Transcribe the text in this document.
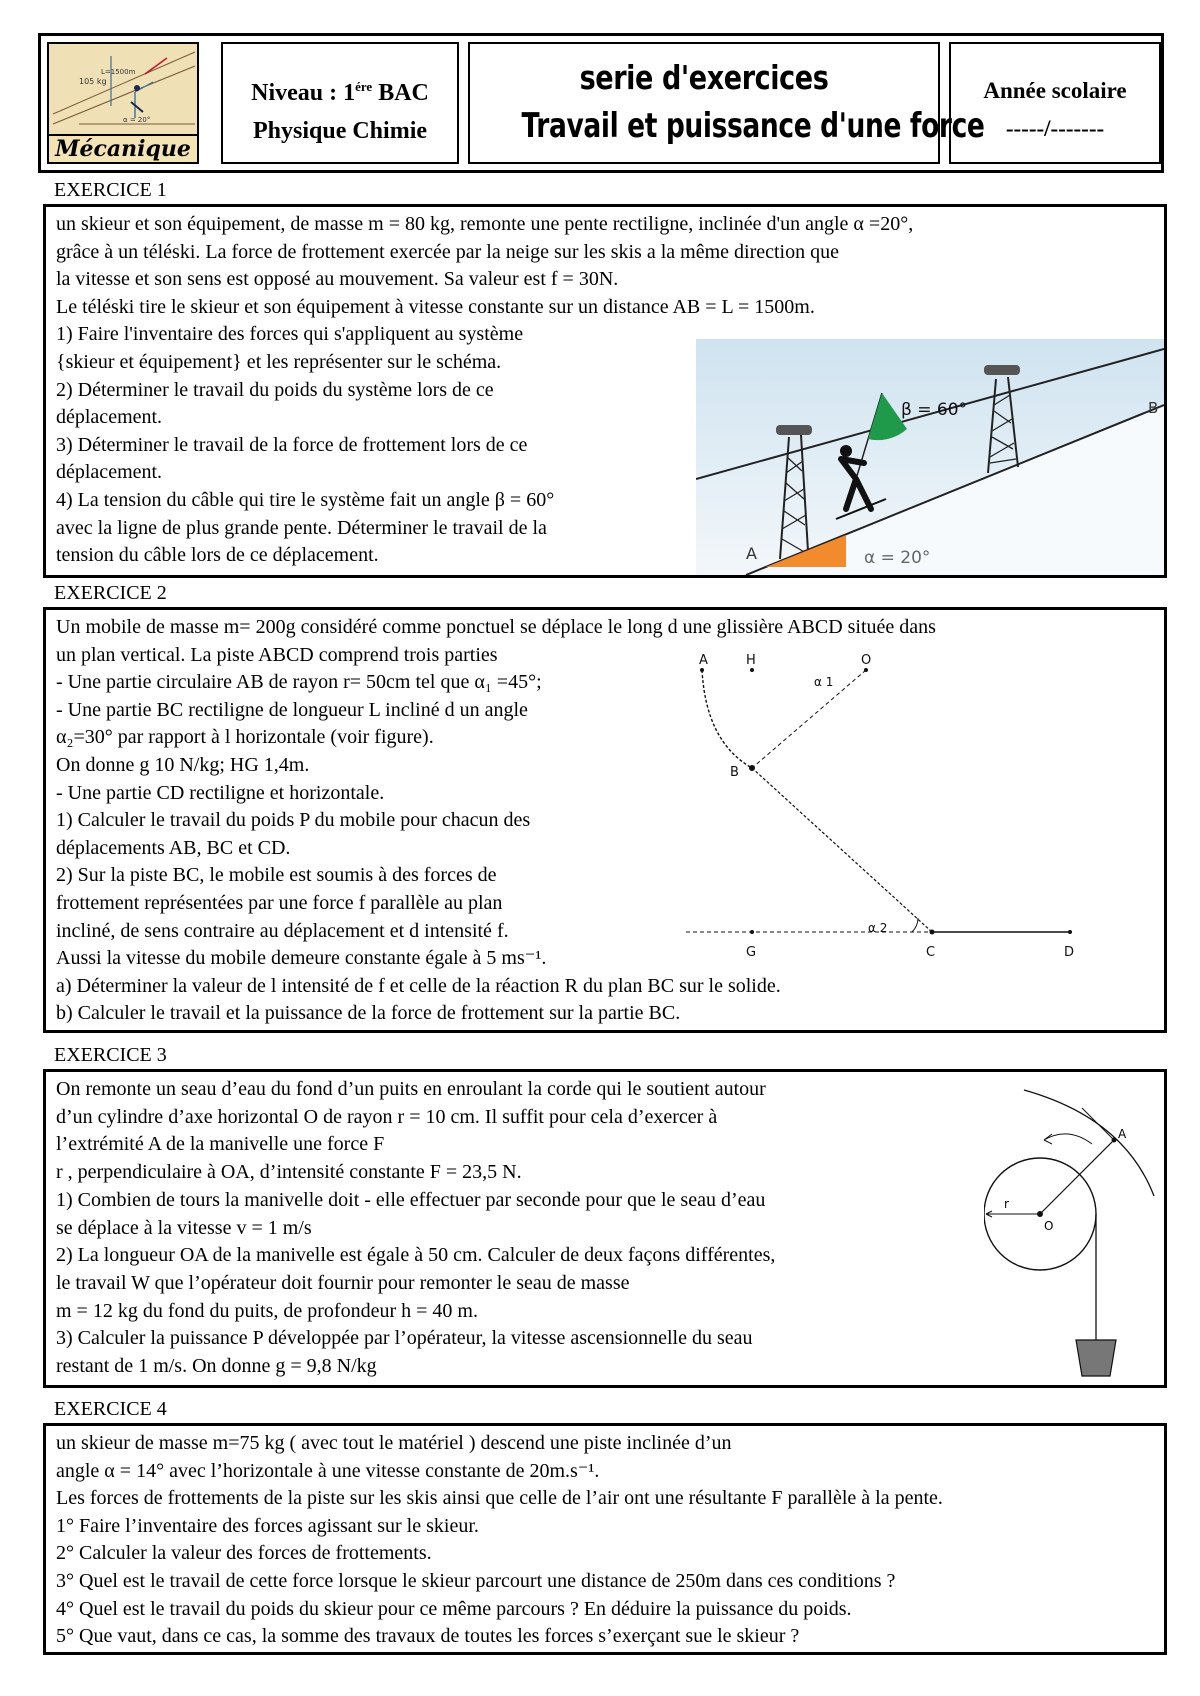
105 kg
L=1500m
α = 20°
Mécanique
Niveau : $1^{ére}$ BAC
Physique Chimie
serie d'exercices
Travail et puissance d'une force
Année scolaire
-----/-------
EXERCICE 1
un skieur et son équipement, de masse m = 80 kg, remonte une pente rectiligne, inclinée d'un angle α =20°,
grâce à un téléski. La force de frottement exercée par la neige sur les skis a la même direction que
la vitesse et son sens est opposé au mouvement. Sa valeur est f = 30N.
Le téléski tire le skieur et son équipement à vitesse constante sur un distance AB = L = 1500m.
1) Faire l'inventaire des forces qui s'appliquent au système
{skieur et équipement} et les représenter sur le schéma.
2) Déterminer le travail du poids du système lors de ce
déplacement.
3) Déterminer le travail de la force de frottement lors de ce
déplacement.
4) La tension du câble qui tire le système fait un angle β = 60°
avec la ligne de plus grande pente. Déterminer le travail de la
tension du câble lors de ce déplacement.
β = 60°
α = 20°
A
B
EXERCICE 2
Un mobile de masse m= 200g considéré comme ponctuel se déplace le long d une glissière ABCD située dans
un plan vertical. La piste ABCD comprend trois parties
- Une partie circulaire AB de rayon r= 50cm tel que α₁ =45°;
- Une partie BC rectiligne de longueur L incliné d un angle
α₂=30° par rapport à l horizontale (voir figure).
On donne g 10 N/kg; HG 1,4m.
- Une partie CD rectiligne et horizontale.
1) Calculer le travail du poids P du mobile pour chacun des
déplacements AB, BC et CD.
2) Sur la piste BC, le mobile est soumis à des forces de
frottement représentées par une force f parallèle au plan
incliné, de sens contraire au déplacement et d intensité f.
Aussi la vitesse du mobile demeure constante égale à 5 ms⁻¹.
a) Déterminer la valeur de l intensité de f et celle de la réaction R du plan BC sur le solide.
b) Calculer le travail et la puissance de la force de frottement sur la partie BC.
A	H	O
B
G	C	D
α 1
α 2
EXERCICE 3
On remonte un seau d’eau du fond d’un puits en enroulant la corde qui le soutient autour
d’un cylindre d’axe horizontal O de rayon r = 10 cm. Il suffit pour cela d’exercer à
l’extrémité A de la manivelle une force F
r , perpendiculaire à OA, d’intensité constante F = 23,5 N.
1) Combien de tours la manivelle doit - elle effectuer par seconde pour que le seau d’eau
se déplace à la vitesse v = 1 m/s
2) La longueur OA de la manivelle est égale à 50 cm. Calculer de deux façons différentes,
le travail W que l’opérateur doit fournir pour remonter le seau de masse
m = 12 kg du fond du puits, de profondeur h = 40 m.
3) Calculer la puissance P développée par l’opérateur, la vitesse ascensionnelle du seau
restant de 1 m/s. On donne g = 9,8 N/kg
r
O
A
EXERCICE 4
un skieur de masse m=75 kg ( avec tout le matériel ) descend une piste inclinée d’un
angle α = 14° avec l’horizontale à une vitesse constante de 20m.s⁻¹.
Les forces de frottements de la piste sur les skis ainsi que celle de l’air ont une résultante F parallèle à la pente.
1° Faire l’inventaire des forces agissant sur le skieur.
2° Calculer la valeur des forces de frottements.
3° Quel est le travail de cette force lorsque le skieur parcourt une distance de 250m dans ces conditions ?
4° Quel est le travail du poids du skieur pour ce même parcours ? En déduire la puissance du poids.
5° Que vaut, dans ce cas, la somme des travaux de toutes les forces s’exerçant sue le skieur ?
